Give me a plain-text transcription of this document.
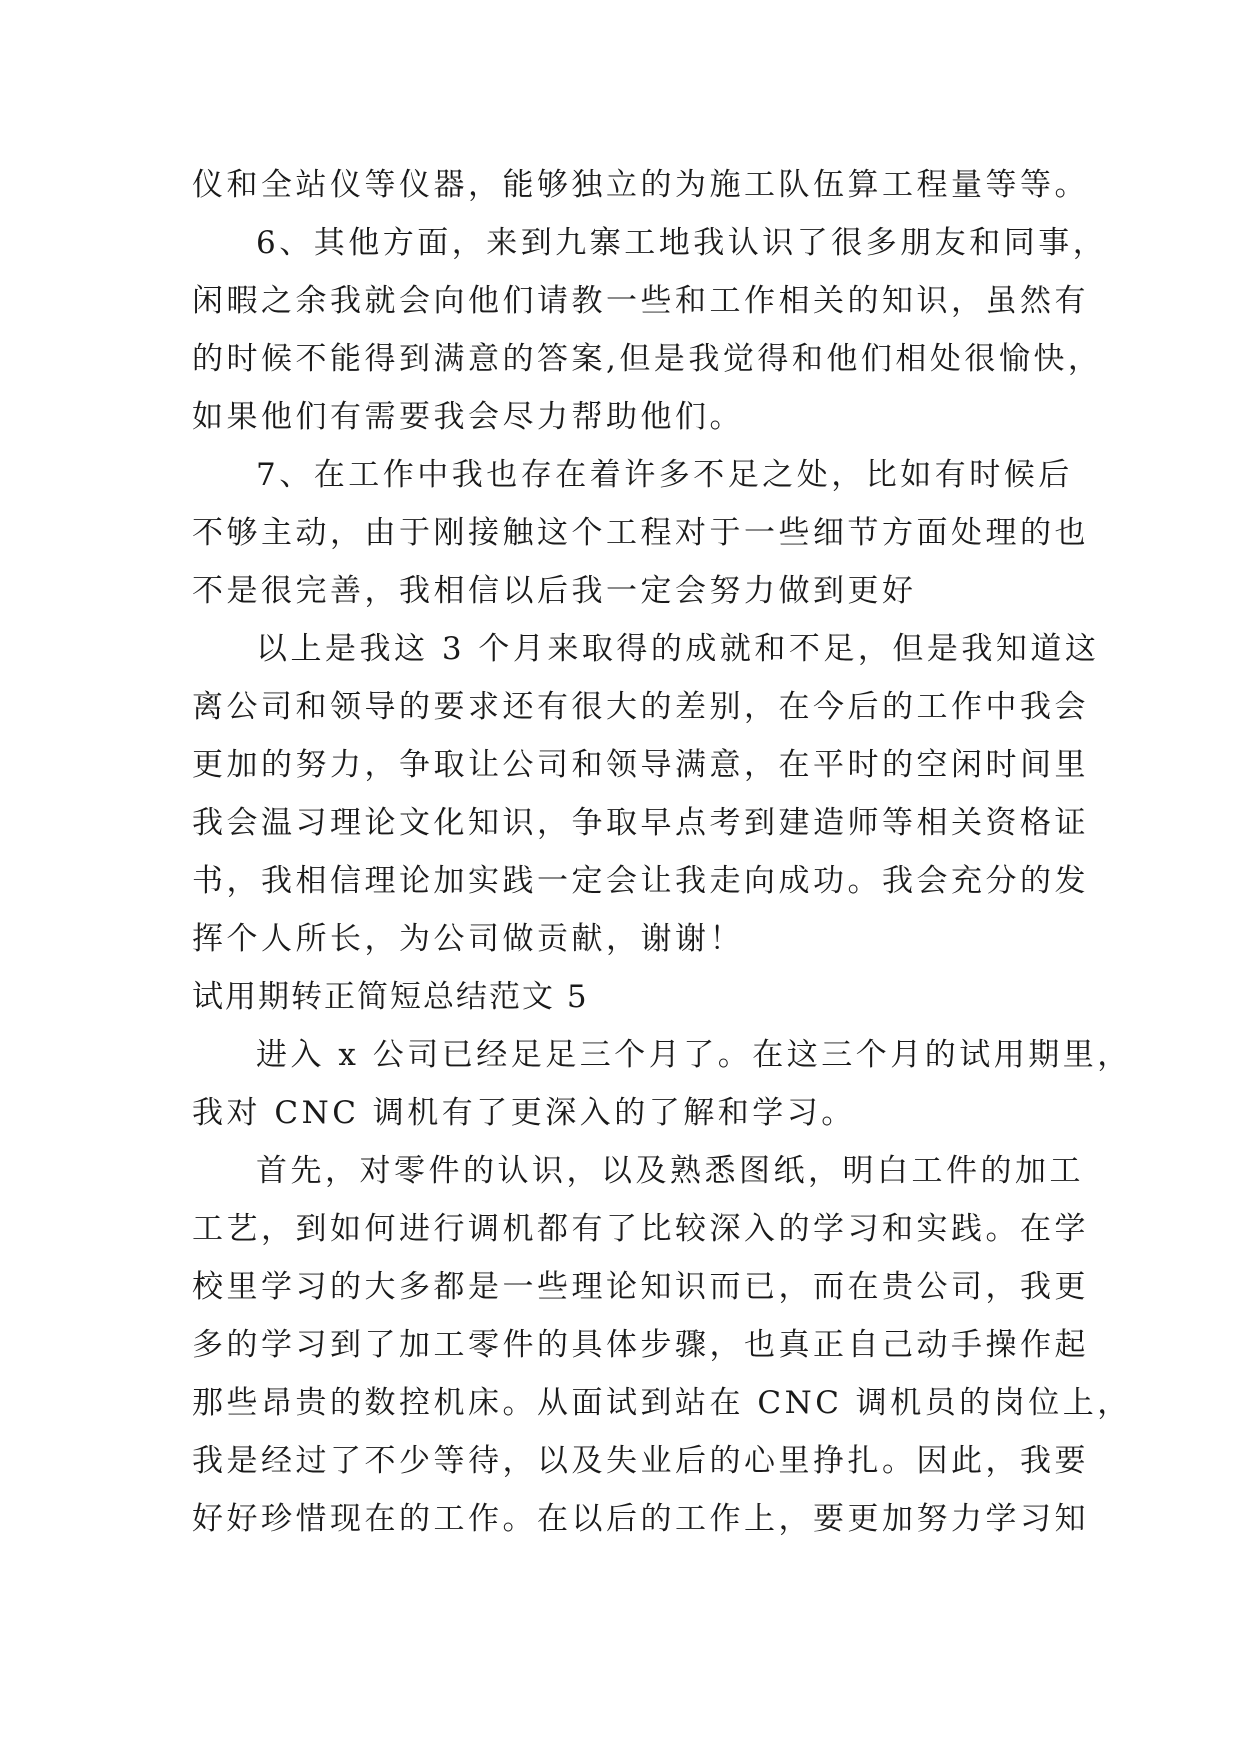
仪和全站仪等仪器，能够独立的为施工队伍算工程量等等。
6、其他方面，来到九寨工地我认识了很多朋友和同事，
闲暇之余我就会向他们请教一些和工作相关的知识，虽然有
的时候不能得到满意的答案,但是我觉得和他们相处很愉快，
如果他们有需要我会尽力帮助他们。
7、在工作中我也存在着许多不足之处，比如有时候后
不够主动，由于刚接触这个工程对于一些细节方面处理的也
不是很完善，我相信以后我一定会努力做到更好
以上是我这 3 个月来取得的成就和不足，但是我知道这
离公司和领导的要求还有很大的差别，在今后的工作中我会
更加的努力，争取让公司和领导满意，在平时的空闲时间里
我会温习理论文化知识，争取早点考到建造师等相关资格证
书，我相信理论加实践一定会让我走向成功。我会充分的发
挥个人所长，为公司做贡献，谢谢！
试用期转正简短总结范文 5
进入 x 公司已经足足三个月了。在这三个月的试用期里，
我对 CNC 调机有了更深入的了解和学习。
首先，对零件的认识，以及熟悉图纸，明白工件的加工
工艺，到如何进行调机都有了比较深入的学习和实践。在学
校里学习的大多都是一些理论知识而已，而在贵公司，我更
多的学习到了加工零件的具体步骤，也真正自己动手操作起
那些昂贵的数控机床。从面试到站在 CNC 调机员的岗位上，
我是经过了不少等待，以及失业后的心里挣扎。因此，我要
好好珍惜现在的工作。在以后的工作上，要更加努力学习知
